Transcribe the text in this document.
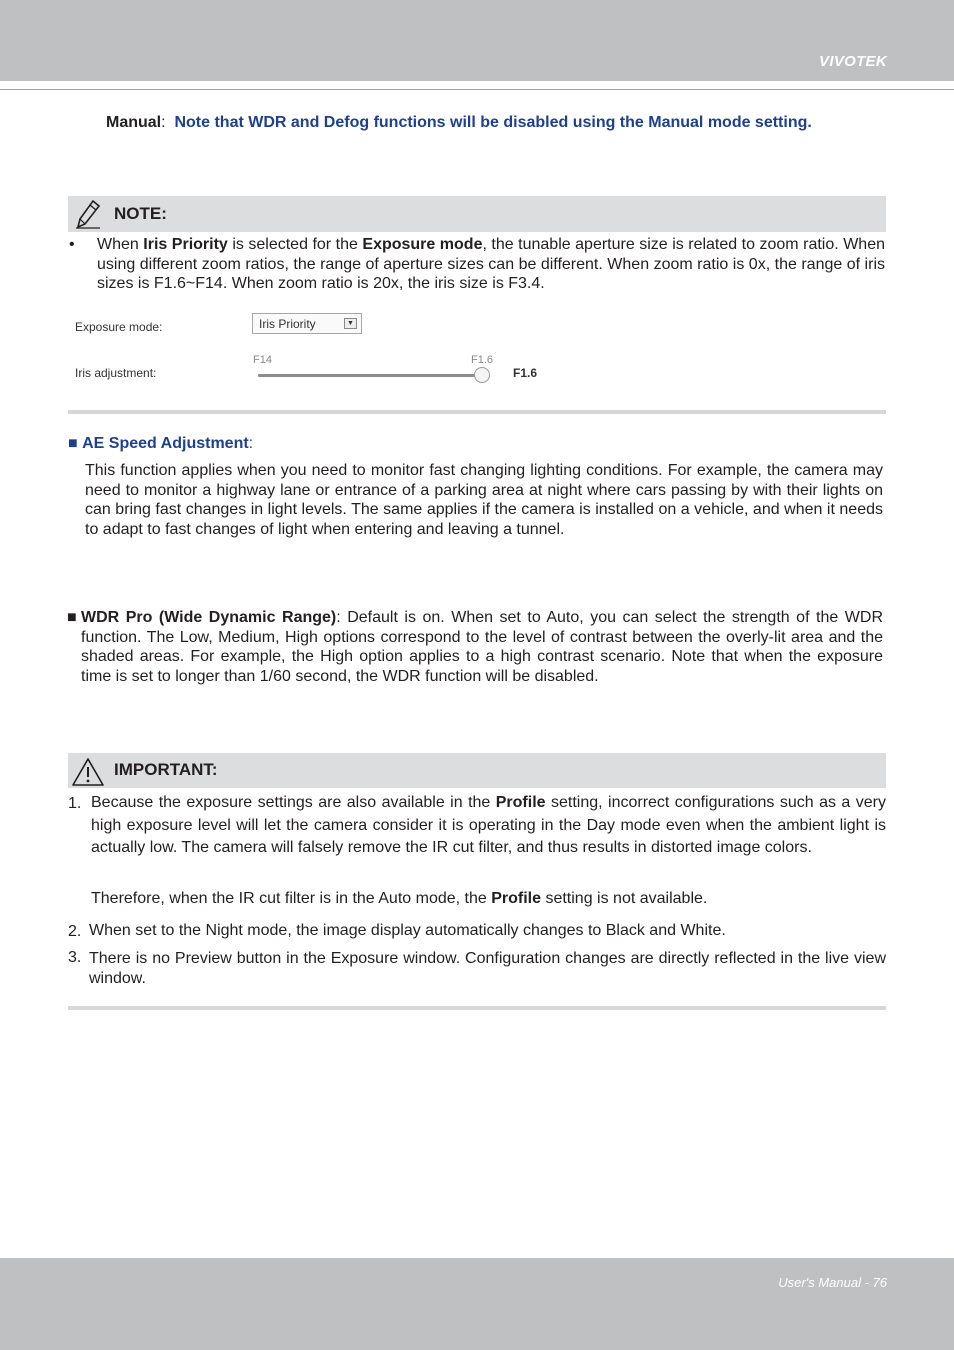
VIVOTEK
Manual: Note that WDR and Defog functions will be disabled using the Manual mode setting.
NOTE:
• When Iris Priority is selected for the Exposure mode, the tunable aperture size is related to zoom ratio. When using different zoom ratios, the range of aperture sizes can be different. When zoom ratio is 0x, the range of iris sizes is F1.6~F14. When zoom ratio is 20x, the iris size is F3.4.
Exposure mode:	Iris Priority	▼
Iris adjustment:
F14	F1.6
F1.6
■ AE Speed Adjustment:
This function applies when you need to monitor fast changing lighting conditions. For example, the camera may need to monitor a highway lane or entrance of a parking area at night where cars passing by with their lights on can bring fast changes in light levels. The same applies if the camera is installed on a vehicle, and when it needs to adapt to fast changes of light when entering and leaving a tunnel.
■ WDR Pro (Wide Dynamic Range): Default is on. When set to Auto, you can select the strength of the WDR function. The Low, Medium, High options correspond to the level of contrast between the overly-lit area and the shaded areas. For example, the High option applies to a high contrast scenario. Note that when the exposure time is set to longer than 1/60 second, the WDR function will be disabled.
IMPORTANT:
1. Because the exposure settings are also available in the Profile setting, incorrect configurations such as a very high exposure level will let the camera consider it is operating in the Day mode even when the ambient light is actually low. The camera will falsely remove the IR cut filter, and thus results in distorted image colors.
Therefore, when the IR cut filter is in the Auto mode, the Profile setting is not available.
2. When set to the Night mode, the image display automatically changes to Black and White.
3. There is no Preview button in the Exposure window. Configuration changes are directly reflected in the live view window.
User's Manual - 76
